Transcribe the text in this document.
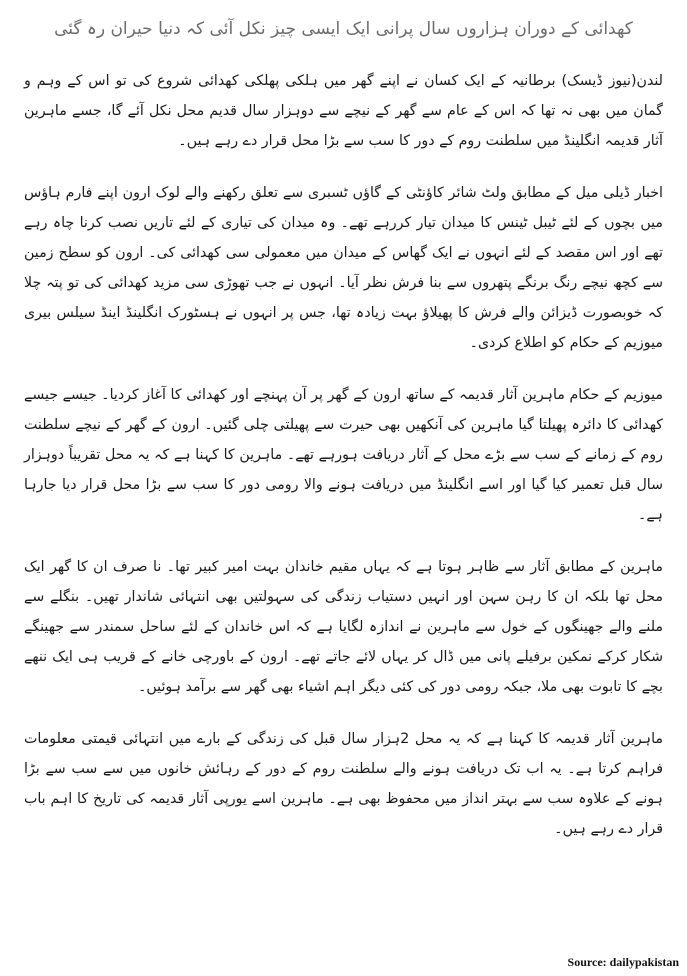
کھدائی کے دوران ہزاروں سال پرانی ایک ایسی چیز نکل آئی کہ دنیا حیران رہ گئی

لندن(نیوز ڈیسک) برطانیہ کے ایک کسان نے اپنے گھر میں ہلکی پھلکی کھدائی شروع کی تو اس کے وہم و گمان میں بھی نہ تھا کہ اس کے عام سے گھر کے نیچے سے دوہزار سال قدیم محل نکل آئے گا، جسے ماہرین آثار قدیمہ انگلینڈ میں سلطنت روم کے دور کا سب سے بڑا محل قرار دے رہے ہیں۔

اخبار ڈیلی میل کے مطابق ولٹ شائر کاؤنٹی کے گاؤں ٹسبری سے تعلق رکھنے والے لوک ارون اپنے فارم ہاؤس میں بچوں کے لئے ٹیبل ٹینس کا میدان تیار کررہے تھے۔ وہ میدان کی تیاری کے لئے تاریں نصب کرنا چاہ رہے تھے اور اس مقصد کے لئے انہوں نے ایک گھاس کے میدان میں معمولی سی کھدائی کی۔ ارون کو سطح زمین سے کچھ نیچے رنگ برنگے پتھروں سے بنا فرش نظر آیا۔ انہوں نے جب تھوڑی سی مزید کھدائی کی تو پتہ چلا کہ خوبصورت ڈیزائن والے فرش کا پھیلاؤ بہت زیادہ تھا، جس پر انہوں نے ہسٹورک انگلینڈ اینڈ سیلس بیری میوزیم کے حکام کو اطلاع کردی۔

میوزیم کے حکام ماہرین آثار قدیمہ کے ساتھ ارون کے گھر پر آن پہنچے اور کھدائی کا آغاز کردیا۔ جیسے جیسے کھدائی کا دائرہ پھیلتا گیا ماہرین کی آنکھیں بھی حیرت سے پھیلتی چلی گئیں۔ ارون کے گھر کے نیچے سلطنت روم کے زمانے کے سب سے بڑے محل کے آثار دریافت ہورہے تھے۔ ماہرین کا کہنا ہے کہ یہ محل تقریباً دوہزار سال قبل تعمیر کیا گیا اور اسے انگلینڈ میں دریافت ہونے والا رومی دور کا سب سے بڑا محل قرار دیا جارہا ہے۔

ماہرین کے مطابق آثار سے ظاہر ہوتا ہے کہ یہاں مقیم خاندان بہت امیر کبیر تھا۔ نا صرف ان کا گھر ایک محل تھا بلکہ ان کا رہن سہن اور انہیں دستیاب زندگی کی سہولتیں بھی انتہائی شاندار تھیں۔ بنگلے سے ملنے والے جھینگوں کے خول سے ماہرین نے اندازہ لگایا ہے کہ اس خاندان کے لئے ساحل سمندر سے جھینگے شکار کرکے نمکین برفیلے پانی میں ڈال کر یہاں لائے جاتے تھے۔ ارون کے باورچی خانے کے قریب ہی ایک ننھے بچے کا تابوت بھی ملا، جبکہ رومی دور کی کئی دیگر اہم اشیاء بھی گھر سے برآمد ہوئیں۔

ماہرین آثار قدیمہ کا کہنا ہے کہ یہ محل 2ہزار سال قبل کی زندگی کے بارے میں انتہائی قیمتی معلومات فراہم کرتا ہے۔ یہ اب تک دریافت ہونے والے سلطنت روم کے دور کے رہائش خانوں میں سے سب سے بڑا ہونے کے علاوہ سب سے بہتر انداز میں محفوظ بھی ہے۔ ماہرین اسے یورپی آثار قدیمہ کی تاریخ کا اہم باب قرار دے رہے ہیں۔

Source: dailypakistan
